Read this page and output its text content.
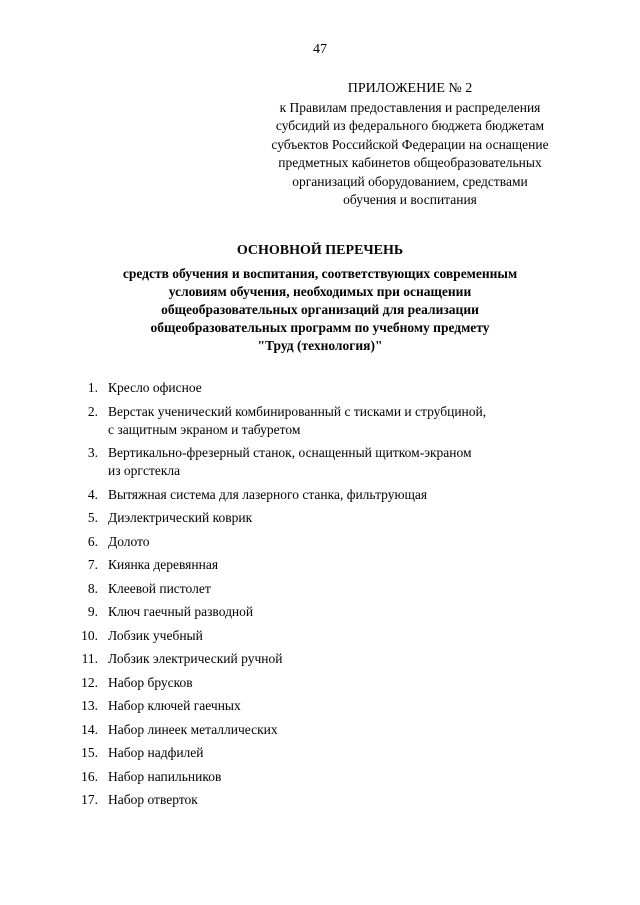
47
ПРИЛОЖЕНИЕ № 2
к Правилам предоставления и распределения
субсидий из федерального бюджета бюджетам
субъектов Российской Федерации на оснащение
предметных кабинетов общеобразовательных
организаций оборудованием, средствами
обучения и воспитания
ОСНОВНОЙ ПЕРЕЧЕНЬ
средств обучения и воспитания, соответствующих современным
условиям обучения, необходимых при оснащении
общеобразовательных организаций для реализации
общеобразовательных программ по учебному предмету
"Труд (технология)"
1. Кресло офисное
2. Верстак ученический комбинированный с тисками и струбциной,
с защитным экраном и табуретом
3. Вертикально-фрезерный станок, оснащенный щитком-экраном
из оргстекла
4. Вытяжная система для лазерного станка, фильтрующая
5. Диэлектрический коврик
6. Долото
7. Киянка деревянная
8. Клеевой пистолет
9. Ключ гаечный разводной
10. Лобзик учебный
11. Лобзик электрический ручной
12. Набор брусков
13. Набор ключей гаечных
14. Набор линеек металлических
15. Набор надфилей
16. Набор напильников
17. Набор отверток
